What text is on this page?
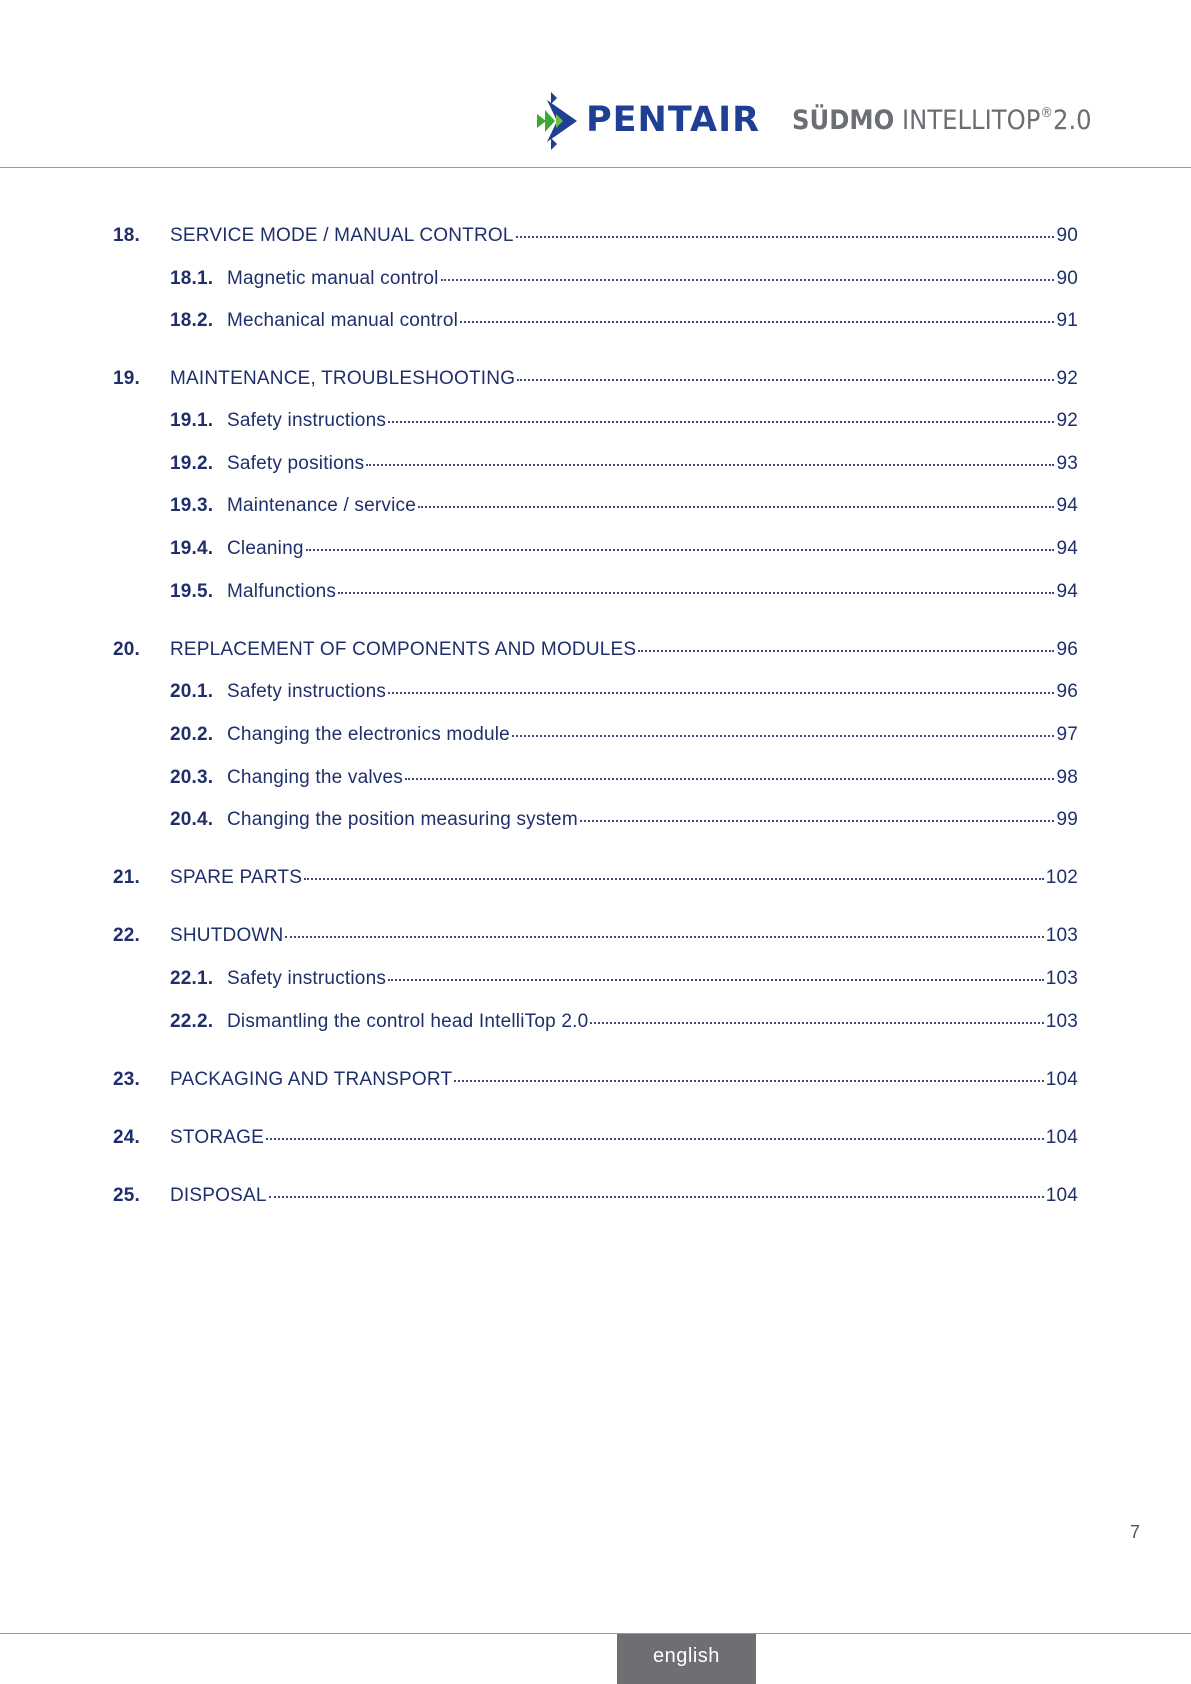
PENTAIR SÜDMO INTELLITOP®2.0
18. SERVICE MODE / MANUAL CONTROL	90
18.1. Magnetic manual control	90
18.2. Mechanical manual control	91
19. MAINTENANCE, TROUBLESHOOTING	92
19.1. Safety instructions	92
19.2. Safety positions	93
19.3. Maintenance / service	94
19.4. Cleaning	94
19.5. Malfunctions	94
20. REPLACEMENT OF COMPONENTS AND MODULES	96
20.1. Safety instructions	96
20.2. Changing the electronics module	97
20.3. Changing the valves	98
20.4. Changing the position measuring system	99
21. SPARE PARTS	102
22. SHUTDOWN	103
22.1. Safety instructions	103
22.2. Dismantling the control head IntelliTop 2.0	103
23. PACKAGING AND TRANSPORT	104
24. STORAGE	104
25. DISPOSAL	104
7
english
